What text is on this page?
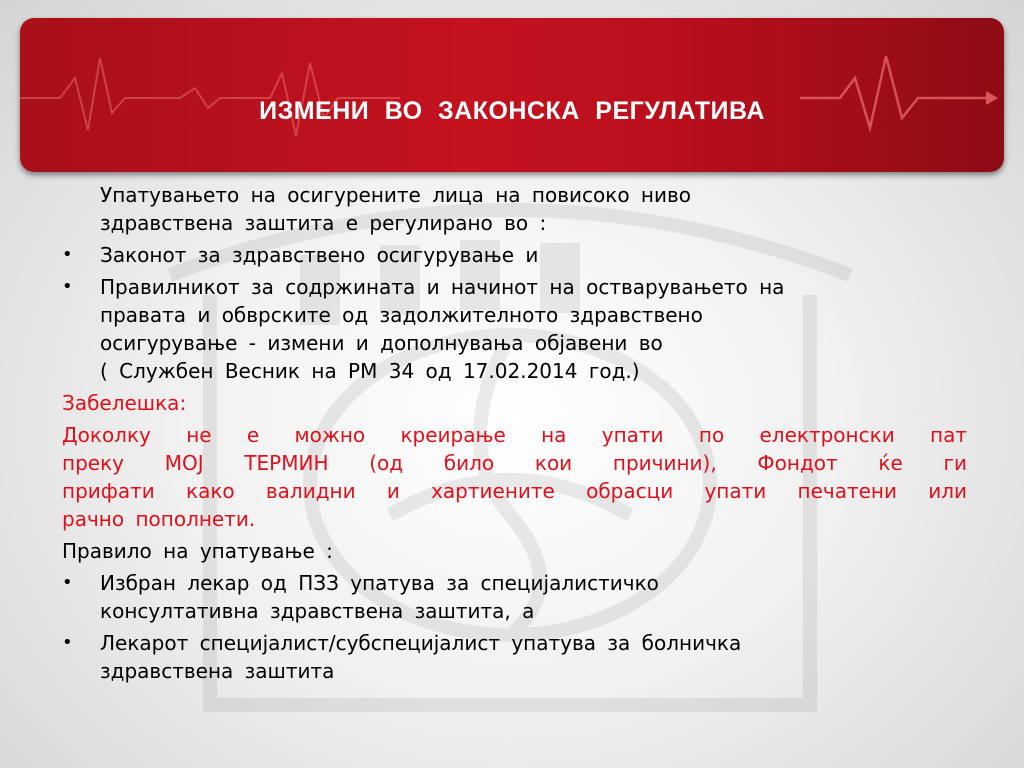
ИЗМЕНИ ВО ЗАКОНСКА РЕГУЛАТИВА
Упатувањето на осигурените лица на повисоко ниво
здравствена заштита е регулирано во :
•	Законот за здравствено осигурување и
•	Правилникот за содржината и начинот на остварувањето на
правата и обврските од задолжителното здравствено
осигурување - измени и дополнувања објавени во
( Службен Весник на РМ 34 од 17.02.2014 год.)
Забелешка:
Доколку не е можно креирање на упати по електронски пат
преку МОЈ ТЕРМИН (од било кои причини), Фондот ќе ги
прифати како валидни и хартиените обрасци упати печатени или
рачно пополнети.
Правило на упатување :
•	Избран лекар од ПЗЗ упатува за специјалистичко
консултативна здравствена заштита, а
•	Лекарот специјалист/субспецијалист упатува за болничка
здравствена заштита
